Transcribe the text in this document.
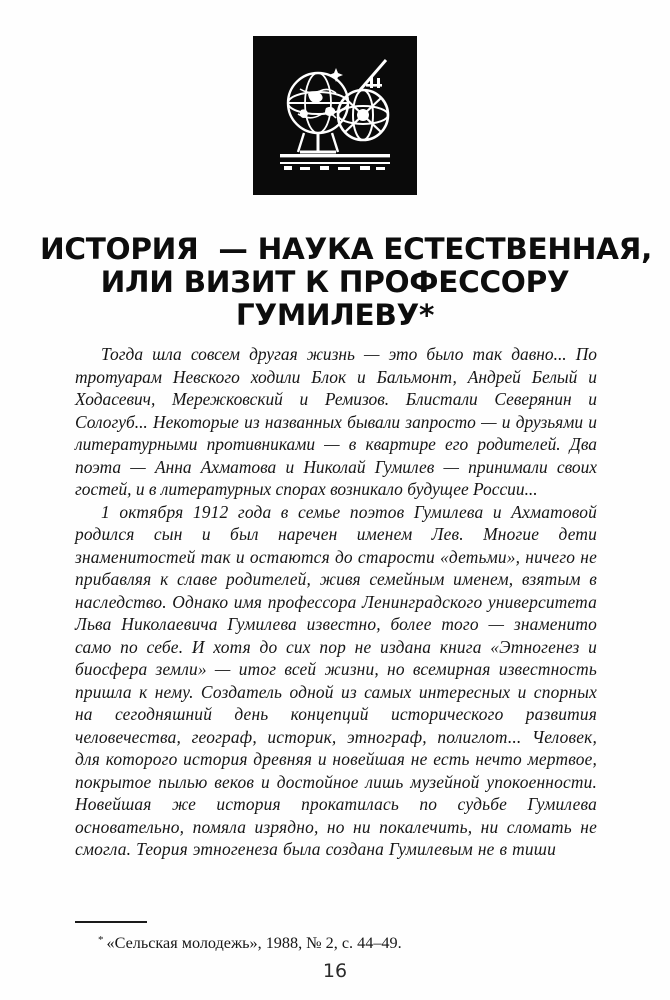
ИСТОРИЯ  — НАУКА ЕСТЕСТВЕННАЯ,
ИЛИ ВИЗИТ К ПРОФЕССОРУ
ГУМИЛЕВУ*

Тогда шла совсем другая жизнь — это было так давно... По тротуарам Невского ходили Блок и Бальмонт, Андрей Белый и Ходасевич, Мережковский и Ремизов. Блистали Северянин и Сологуб... Некоторые из названных бывали запросто — и друзьями и литературными противниками — в квартире его родителей. Два поэта — Анна Ахматова и Николай Гумилев — принимали своих гостей, и в литературных спорах возникало будущее России...

1 октября 1912 года в семье поэтов Гумилева и Ахматовой родился сын и был наречен именем Лев. Многие дети знаменитостей так и остаются до старости «детьми», ничего не прибавляя к славе родителей, живя семейным именем, взятым в наследство. Однако имя профессора Ленинградского университета Льва Николаевича Гумилева известно, более того — знаменито само по себе. И хотя до сих пор не издана книга «Этногенез и биосфера земли» — итог всей жизни, но всемирная известность пришла к нему. Создатель одной из самых интересных и спорных на сегодняшний день концепций исторического развития человечества, географ, историк, этнограф, полиглот... Человек, для которого история древняя и новейшая не есть нечто мертвое, покрытое пылью веков и достойное лишь музейной упокоенности. Новейшая же история прокатилась по судьбе Гумилева основательно, помяла изрядно, но ни покалечить, ни сломать не смогла. Теория этногенеза была создана Гумилевым не в тиши

* «Сельская молодежь», 1988, № 2, с. 44–49.
16
